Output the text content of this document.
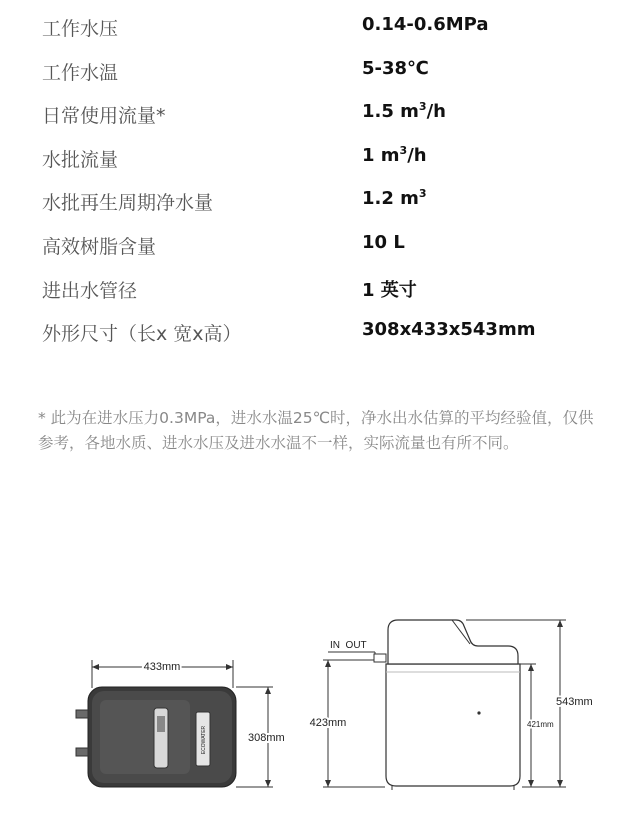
工作水压	0.14-0.6MPa
工作水温	5-38℃
日常使用流量*	1.5 $m^3/h$
水批流量	1 $m^3/h$
水批再生周期净水量	1.2 $m^3$
高效树脂含量	10 L
进出水管径	1 英寸
外形尺寸（长x 宽x高）	308x433x543mm
* 此为在进水压力0.3MPa，进水水温25℃时，净水出水估算的平均经验值，仅供参考，各地水质、进水水压及进水水温不一样，实际流量也有所不同。
433mm
ECOWATER	308mm
IN  OUT
423mm	421mm
543mm
